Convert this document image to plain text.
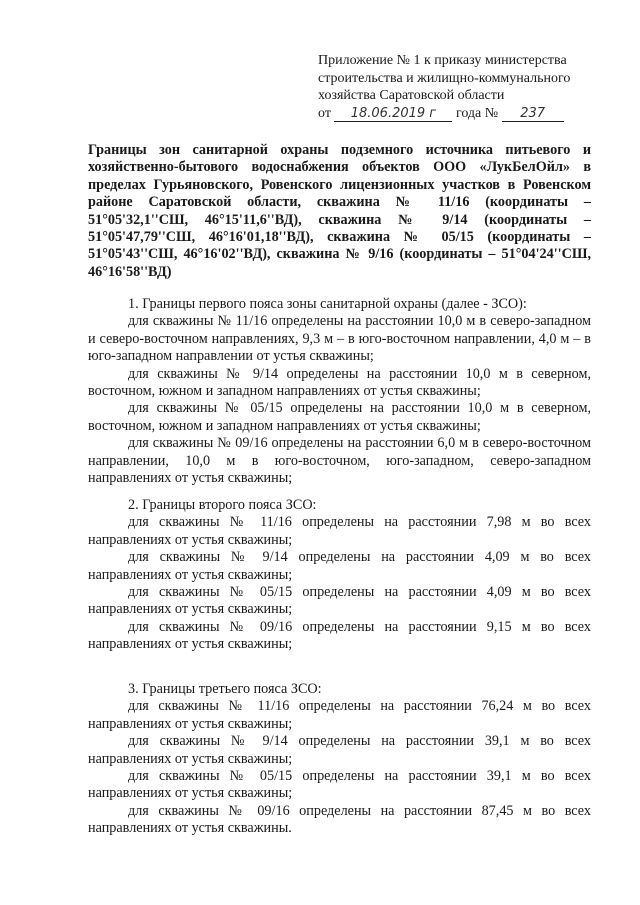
Приложение № 1 к приказу министерства
строительства и жилищно-коммунального
хозяйства Саратовской области
от 18.06.2019 г года № 237
Границы зон санитарной охраны подземного источника питьевого и хозяйственно-бытового водоснабжения объектов ООО «ЛукБелОйл» в пределах Гурьяновского, Ровенского лицензионных участков в Ровенском районе Саратовской области, скважина № 11/16 (координаты – 51°05'32,1''СШ, 46°15'11,6''ВД), скважина № 9/14 (координаты – 51°05'47,79''СШ, 46°16'01,18''ВД), скважина № 05/15 (координаты – 51°05'43''СШ, 46°16'02''ВД), скважина № 9/16 (координаты – 51°04'24''СШ, 46°16'58''ВД)

1. Границы первого пояса зоны санитарной охраны (далее - ЗСО):

для скважины № 11/16 определены на расстоянии 10,0 м в северо-западном и северо-восточном направлениях, 9,3 м – в юго-восточном направлении, 4,0 м – в юго-западном направлении от устья скважины;

для скважины № 9/14 определены на расстоянии 10,0 м в северном, восточном, южном и западном направлениях от устья скважины;

для скважины № 05/15 определены на расстоянии 10,0 м в северном, восточном, южном и западном направлениях от устья скважины;

для скважины № 09/16 определены на расстоянии 6,0 м в северо-восточном направлении, 10,0 м в юго-восточном, юго-западном, северо-западном направлениях от устья скважины;

2. Границы второго пояса ЗСО:

для скважины № 11/16 определены на расстоянии 7,98 м во всех направлениях от устья скважины;

для скважины № 9/14 определены на расстоянии 4,09 м во всех направлениях от устья скважины;

для скважины № 05/15 определены на расстоянии 4,09 м во всех направлениях от устья скважины;

для скважины № 09/16 определены на расстоянии 9,15 м во всех направлениях от устья скважины;

3. Границы третьего пояса ЗСО:

для скважины № 11/16 определены на расстоянии 76,24 м во всех направлениях от устья скважины;

для скважины № 9/14 определены на расстоянии 39,1 м во всех направлениях от устья скважины;

для скважины № 05/15 определены на расстоянии 39,1 м во всех направлениях от устья скважины;

для скважины № 09/16 определены на расстоянии 87,45 м во всех направлениях от устья скважины.
